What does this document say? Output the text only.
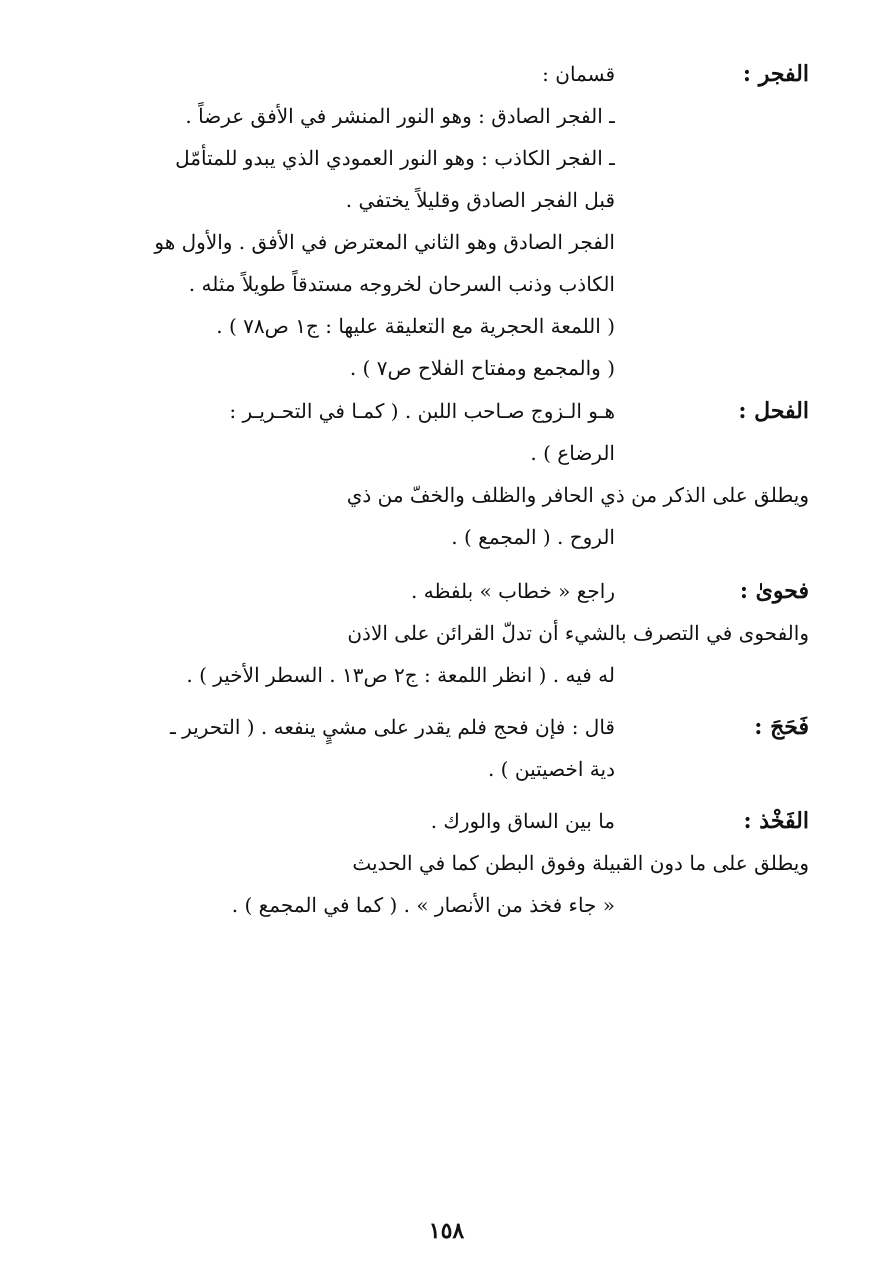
الفجر :
قسمان :
ـ الفجر الصادق : وهو النور المنشر في الأفق عرضاً .
ـ الفجر الكاذب : وهو النور العمودي الذي يبدو للمتأمّل
قبل الفجر الصادق وقليلاً يختفي .
الفجر الصادق وهو الثاني المعترض في الأفق . والأول هو
الكاذب وذنب السرحان لخروجه مستدقاً طويلاً مثله .
( اللمعة الحجرية مع التعليقة عليها : ج١ ص٧٨ ) .
( والمجمع ومفتاح الفلاح ص٧ ) .
الفحل :
هـو الـزوج صـاحب اللبن . ( كمـا في التحـريـر :
الرضاع ) .
ويطلق على الذكر من ذي الحافر والظلف والخفّ من ذي
الروح . ( المجمع ) .
فحوىٰ :
راجع « خطاب » بلفظه .
والفحوى في التصرف بالشيء أن تدلّ القرائن على الاذن
له فيه . ( انظر اللمعة : ج٢ ص١٣ . السطر الأخير ) .
فَحَجَ :
قال : فإن فحج فلم يقدر على مشيٍ ينفعه . ( التحرير ـ
دية اخصيتين ) .
الفَخْذ :
ما بين الساق والورك .
ويطلق على ما دون القبيلة وفوق البطن كما في الحديث
« جاء فخذ من الأنصار » . ( كما في المجمع ) .
١٥٨
